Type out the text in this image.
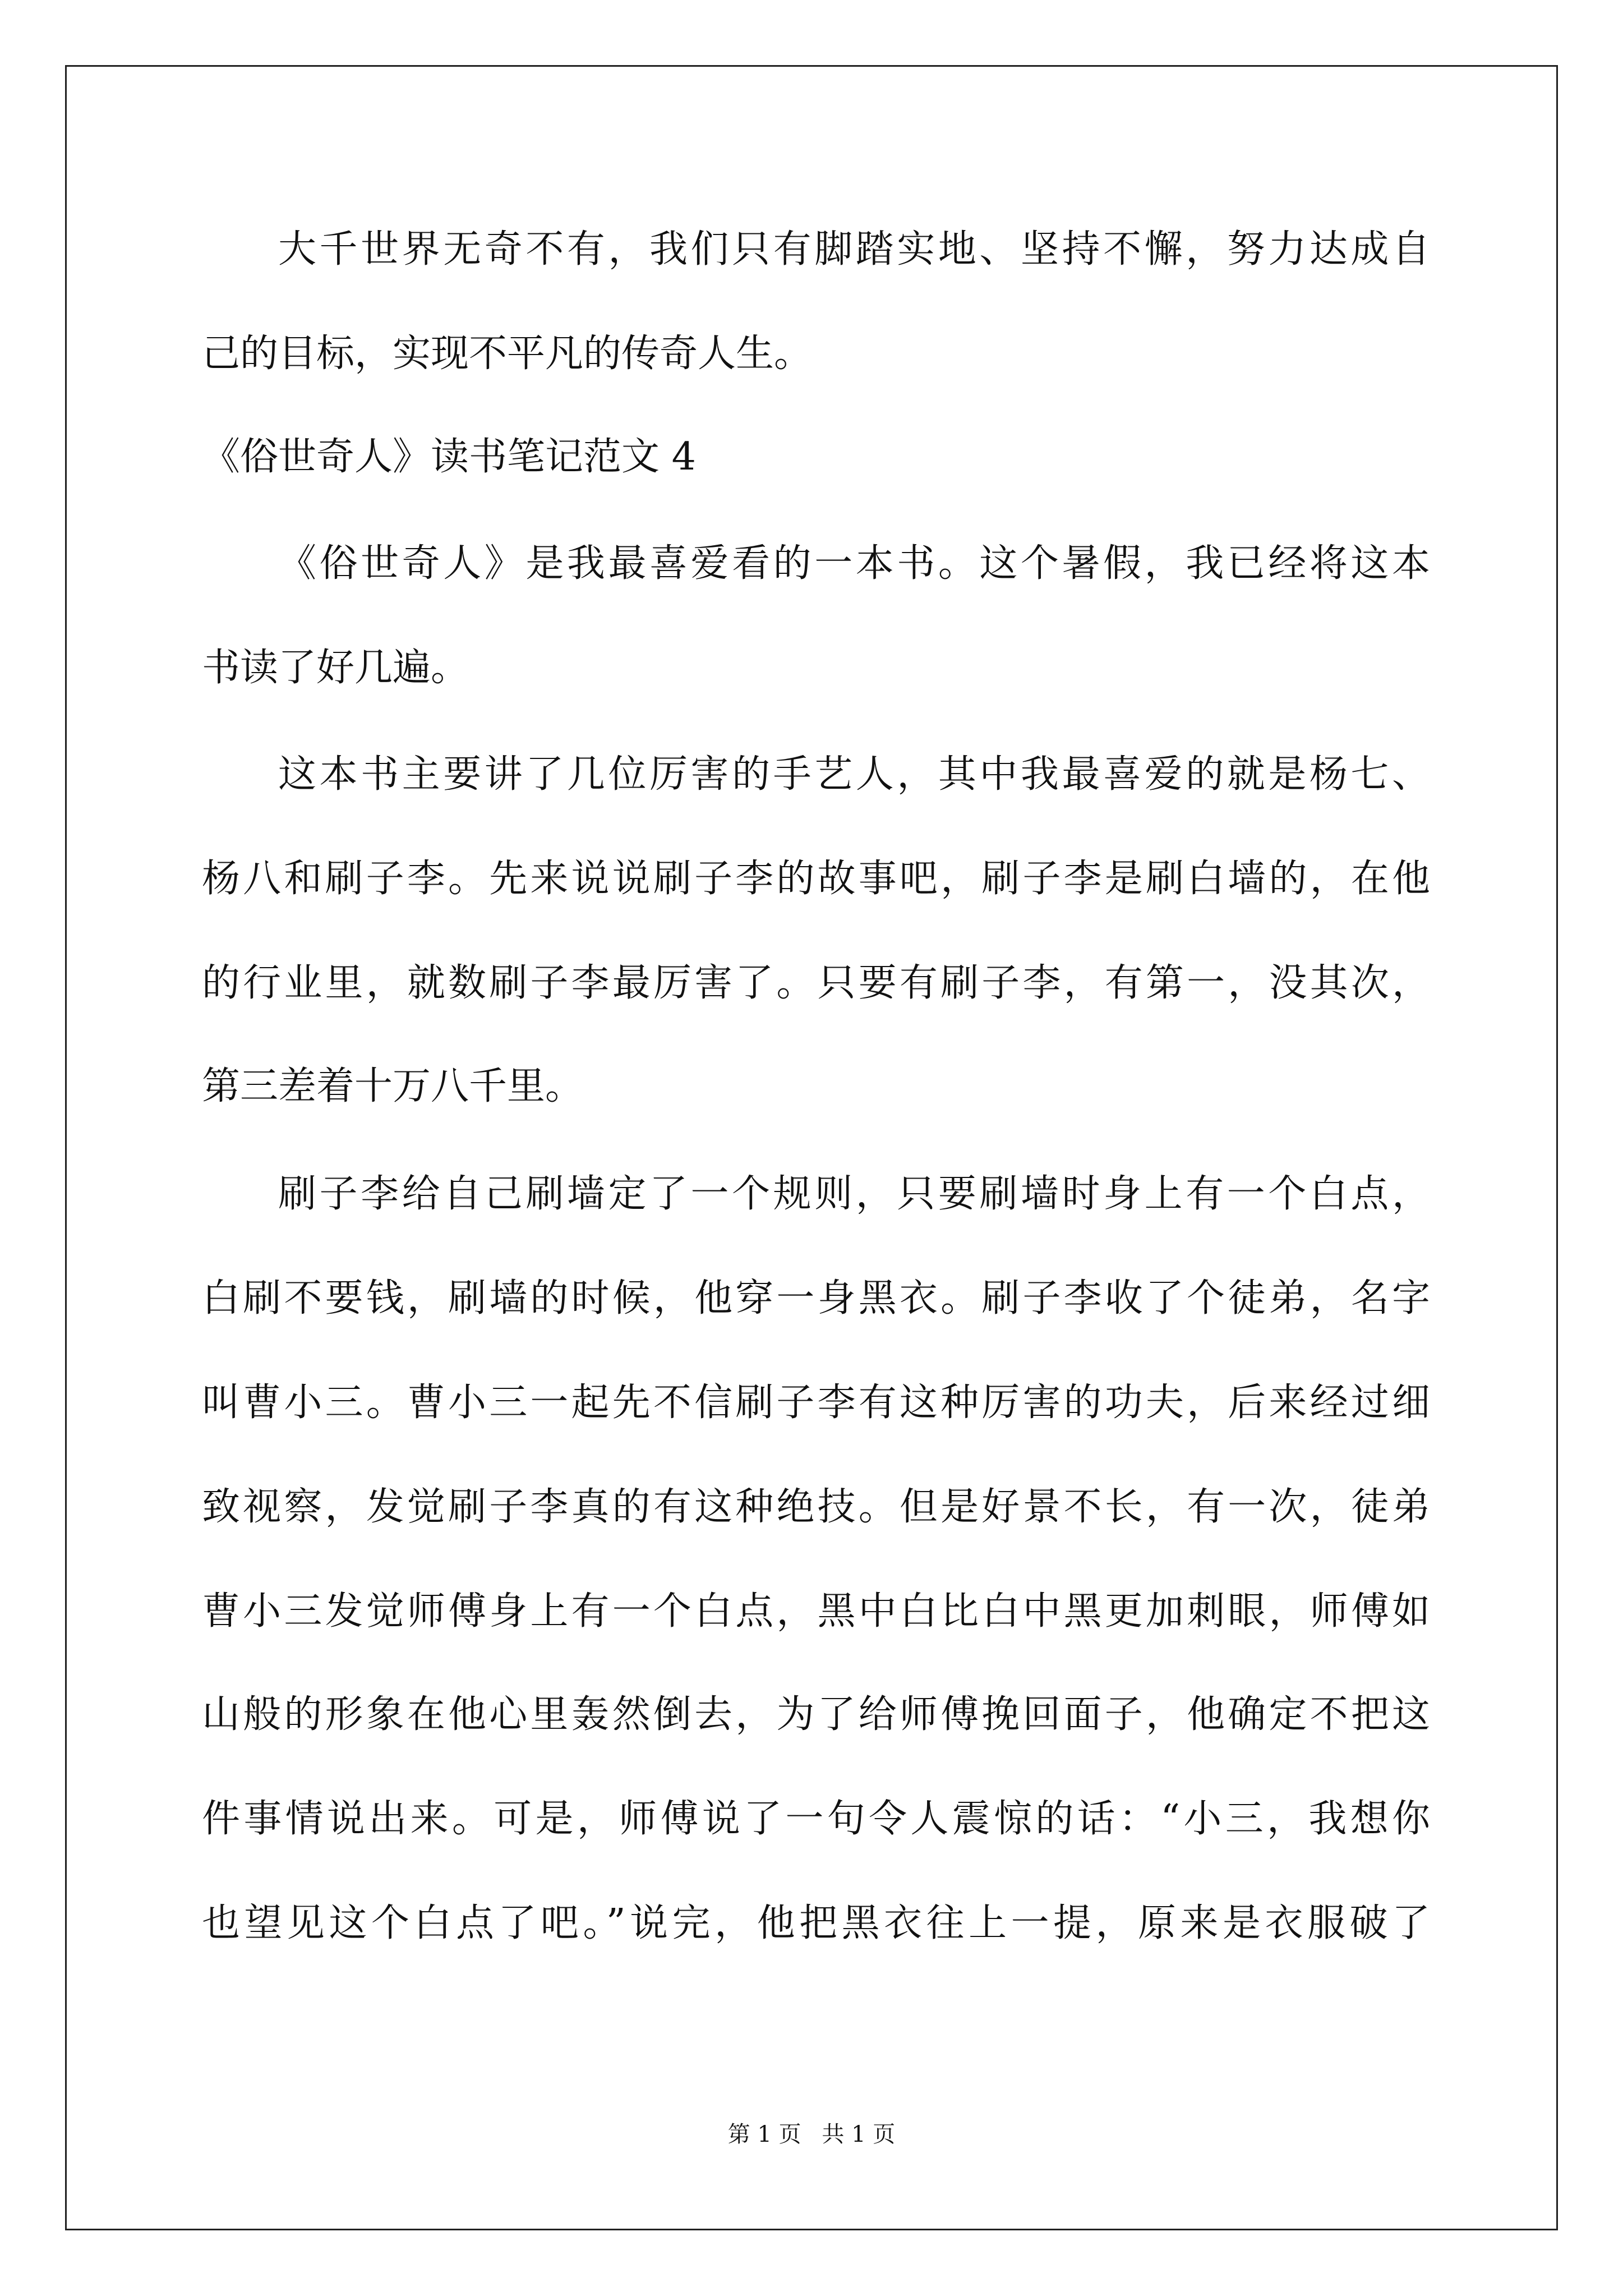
大千世界无奇不有，我们只有脚踏实地、坚持不懈，努力达成自
己的目标，实现不平凡的传奇人生。
《俗世奇人》读书笔记范文 4
《俗世奇人》是我最喜爱看的一本书。这个暑假，我已经将这本
书读了好几遍。
这本书主要讲了几位厉害的手艺人，其中我最喜爱的就是杨七、
杨八和刷子李。先来说说刷子李的故事吧，刷子李是刷白墙的，在他
的行业里，就数刷子李最厉害了。只要有刷子李，有第一，没其次，
第三差着十万八千里。
刷子李给自己刷墙定了一个规则，只要刷墙时身上有一个白点，
白刷不要钱，刷墙的时候，他穿一身黑衣。刷子李收了个徒弟，名字
叫曹小三。曹小三一起先不信刷子李有这种厉害的功夫，后来经过细
致视察，发觉刷子李真的有这种绝技。但是好景不长，有一次，徒弟
曹小三发觉师傅身上有一个白点，黑中白比白中黑更加刺眼，师傅如
山般的形象在他心里轰然倒去，为了给师傅挽回面子，他确定不把这
件事情说出来。可是，师傅说了一句令人震惊的话：“小三，我想你
也望见这个白点了吧。”说完，他把黑衣往上一提，原来是衣服破了
第 1 页 共 1 页
